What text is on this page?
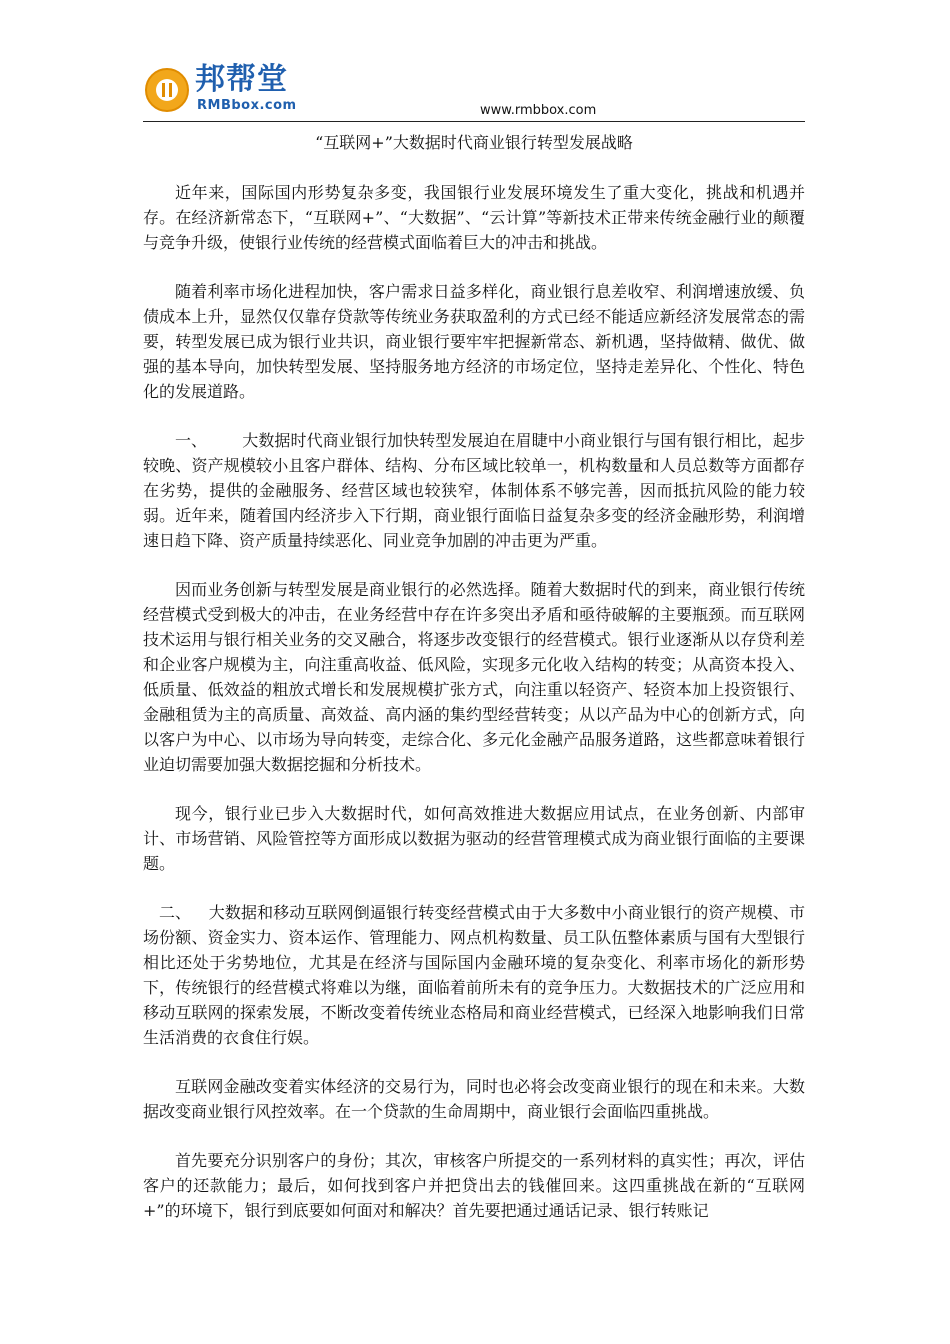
邦帮堂
RMBbox.com	www.rmbbox.com
“互联网+”大数据时代商业银行转型发展战略

近年来，国际国内形势复杂多变，我国银行业发展环境发生了重大变化，挑战和机遇并存。在经济新常态下，“互联网+”、“大数据”、“云计算”等新技术正带来传统金融行业的颠覆与竞争升级，使银行业传统的经营模式面临着巨大的冲击和挑战。

随着利率市场化进程加快，客户需求日益多样化，商业银行息差收窄、利润增速放缓、负债成本上升，显然仅仅靠存贷款等传统业务获取盈利的方式已经不能适应新经济发展常态的需要，转型发展已成为银行业共识，商业银行要牢牢把握新常态、新机遇，坚持做精、做优、做强的基本导向，加快转型发展、坚持服务地方经济的市场定位，坚持走差异化、个性化、特色化的发展道路。

一、 大数据时代商业银行加快转型发展迫在眉睫中小商业银行与国有银行相比，起步较晚、资产规模较小且客户群体、结构、分布区域比较单一，机构数量和人员总数等方面都存在劣势，提供的金融服务、经营区域也较狭窄，体制体系不够完善，因而抵抗风险的能力较弱。近年来，随着国内经济步入下行期，商业银行面临日益复杂多变的经济金融形势，利润增速日趋下降、资产质量持续恶化、同业竞争加剧的冲击更为严重。

因而业务创新与转型发展是商业银行的必然选择。随着大数据时代的到来，商业银行传统经营模式受到极大的冲击，在业务经营中存在许多突出矛盾和亟待破解的主要瓶颈。而互联网技术运用与银行相关业务的交叉融合，将逐步改变银行的经营模式。银行业逐渐从以存贷利差和企业客户规模为主，向注重高收益、低风险，实现多元化收入结构的转变；从高资本投入、低质量、低效益的粗放式增长和发展规模扩张方式，向注重以轻资产、轻资本加上投资银行、金融租赁为主的高质量、高效益、高内涵的集约型经营转变；从以产品为中心的创新方式，向以客户为中心、以市场为导向转变，走综合化、多元化金融产品服务道路，这些都意味着银行业迫切需要加强大数据挖掘和分析技术。

现今，银行业已步入大数据时代，如何高效推进大数据应用试点，在业务创新、内部审计、市场营销、风险管控等方面形成以数据为驱动的经营管理模式成为商业银行面临的主要课题。

二、 大数据和移动互联网倒逼银行转变经营模式由于大多数中小商业银行的资产规模、市场份额、资金实力、资本运作、管理能力、网点机构数量、员工队伍整体素质与国有大型银行相比还处于劣势地位，尤其是在经济与国际国内金融环境的复杂变化、利率市场化的新形势下，传统银行的经营模式将难以为继，面临着前所未有的竞争压力。大数据技术的广泛应用和移动互联网的探索发展，不断改变着传统业态格局和商业经营模式，已经深入地影响我们日常生活消费的衣食住行娱。

互联网金融改变着实体经济的交易行为，同时也必将会改变商业银行的现在和未来。大数据改变商业银行风控效率。在一个贷款的生命周期中，商业银行会面临四重挑战。

首先要充分识别客户的身份；其次，审核客户所提交的一系列材料的真实性；再次，评估客户的还款能力；最后，如何找到客户并把贷出去的钱催回来。这四重挑战在新的“互联网+”的环境下，银行到底要如何面对和解决？首先要把通过通话记录、银行转账记
